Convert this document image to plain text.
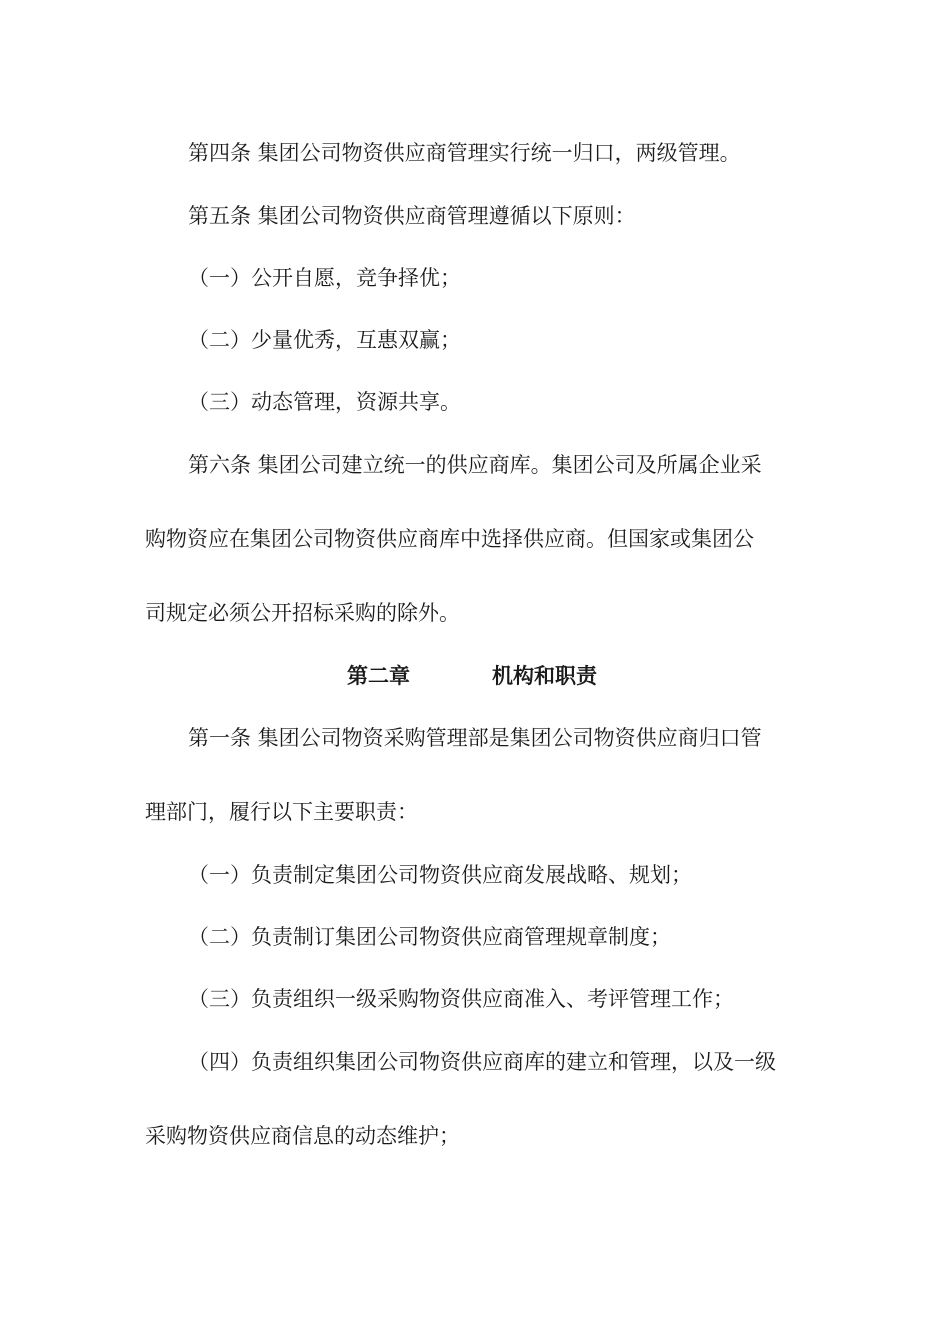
第四条 集团公司物资供应商管理实行统一归口，两级管理。
第五条 集团公司物资供应商管理遵循以下原则：
（一）公开自愿，竞争择优；
（二）少量优秀，互惠双赢；
（三）动态管理，资源共享。
第六条 集团公司建立统一的供应商库。集团公司及所属企业采
购物资应在集团公司物资供应商库中选择供应商。但国家或集团公
司规定必须公开招标采购的除外。
第二章	机构和职责
第一条 集团公司物资采购管理部是集团公司物资供应商归口管
理部门，履行以下主要职责：
（一）负责制定集团公司物资供应商发展战略、规划；
（二）负责制订集团公司物资供应商管理规章制度；
（三）负责组织一级采购物资供应商准入、考评管理工作；
（四）负责组织集团公司物资供应商库的建立和管理，以及一级
采购物资供应商信息的动态维护；
